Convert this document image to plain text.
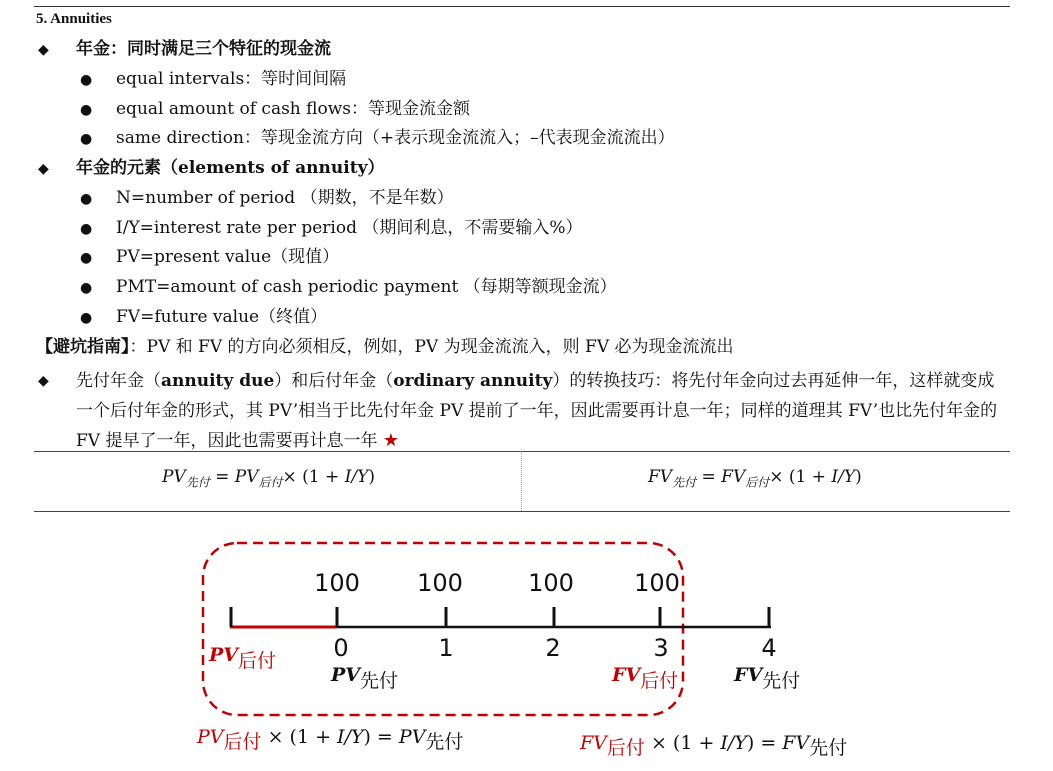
5. Annuities
◆ 年金：同时满足三个特征的现金流
● equal intervals：等时间间隔
● equal amount of cash flows：等现金流金额
● same direction：等现金流方向（+表示现金流流入；–代表现金流流出）
◆ 年金的元素（elements of annuity）
● N=number of period （期数，不是年数）
● I/Y=interest rate per period （期间利息，不需要输入%）
● PV=present value（现值）
● PMT=amount of cash periodic payment （每期等额现金流）
● FV=future value（终值）
【避坑指南】：PV 和 FV 的方向必须相反，例如，PV 为现金流流入，则 FV 必为现金流流出
◆ 先付年金（annuity due）和后付年金（ordinary annuity）的转换技巧：将先付年金向过去再延伸一年，这样就变成一个后付年金的形式，其 PV’相当于比先付年金 PV 提前了一年，因此需要再计息一年；同样的道理其 FV’也比先付年金的 FV 提早了一年，因此也需要再计息一年 ★
$PV_{先付} = PV_{后付}\times (1 + I/Y)$	$FV_{先付} = FV_{后付}\times (1 + I/Y)$
100 100	100	100
0	1	2	3	4
PV后付
PV先付	FV后付	FV先付
PV后付 × (1 + I/Y) = PV先付	FV后付 × (1 + I/Y) = FV先付
